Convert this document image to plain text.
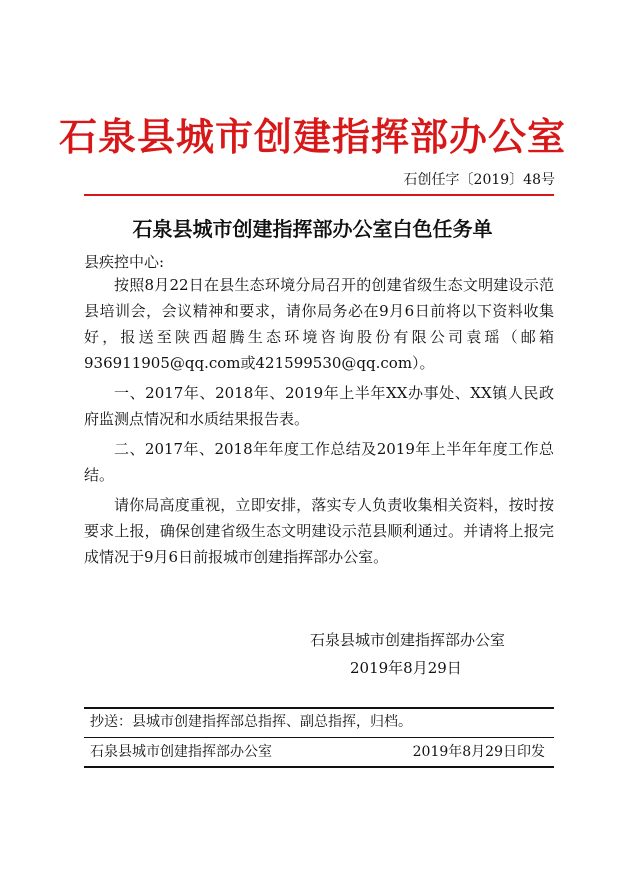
石泉县城市创建指挥部办公室
石创任字〔2019〕48号
石泉县城市创建指挥部办公室白色任务单
县疾控中心:

按照8月22日在县生态环境分局召开的创建省级生态文明建设示范县培训会，会议精神和要求，请你局务必在9月6日前将以下资料收集好，报送至陕西超腾生态环境咨询股份有限公司袁瑶（邮箱936911905@qq.com或421599530@qq.com）。

一、2017年、2018年、2019年上半年XX办事处、XX镇人民政府监测点情况和水质结果报告表。

二、2017年、2018年年度工作总结及2019年上半年年度工作总结。

请你局高度重视，立即安排，落实专人负责收集相关资料，按时按要求上报，确保创建省级生态文明建设示范县顺利通过。并请将上报完成情况于9月6日前报城市创建指挥部办公室。

石泉县城市创建指挥部办公室
2019年8月29日
抄送：县城市创建指挥部总指挥、副总指挥，归档。
石泉县城市创建指挥部办公室	2019年8月29日印发
